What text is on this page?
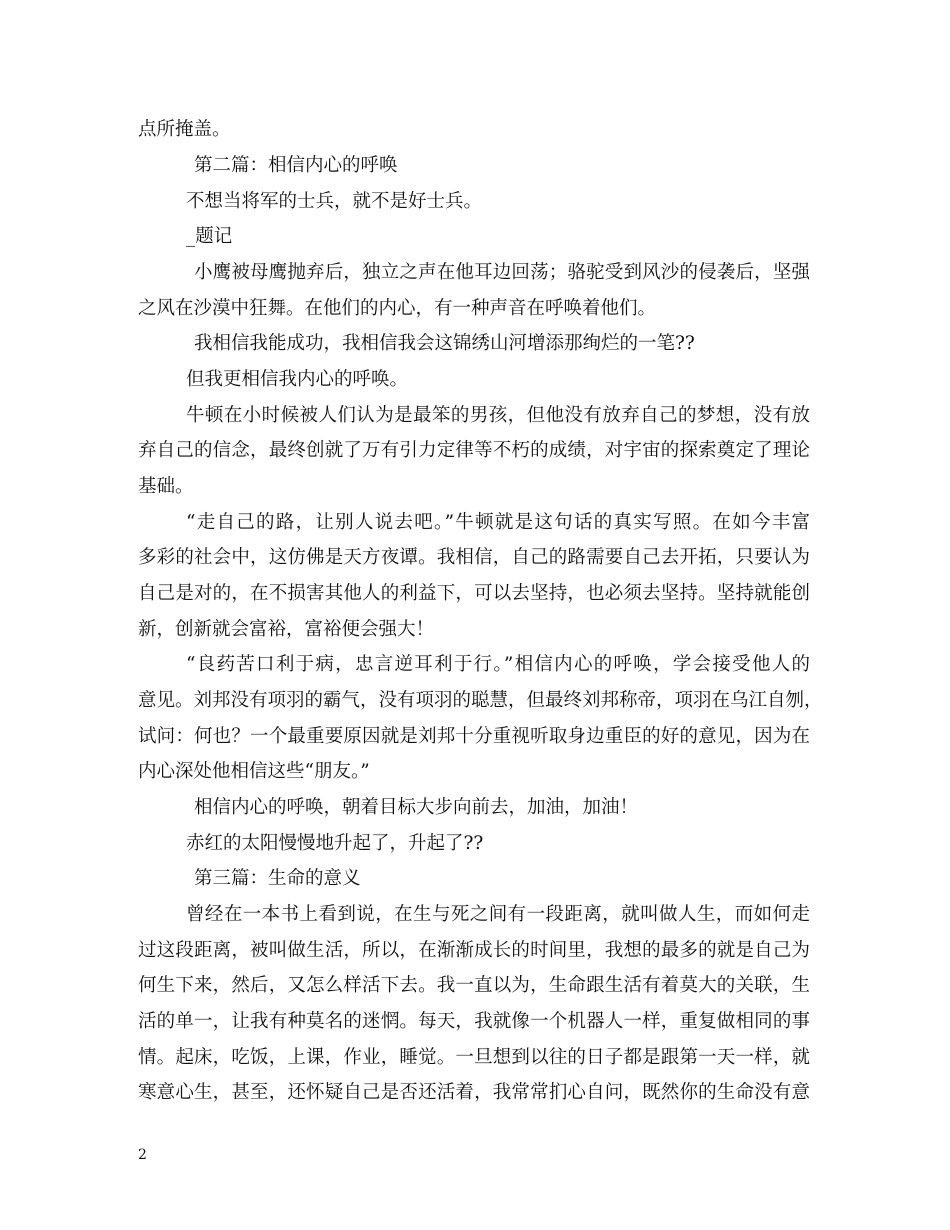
点所掩盖。
第二篇：相信内心的呼唤
不想当将军的士兵，就不是好士兵。
_题记
小鹰被母鹰抛弃后，独立之声在他耳边回荡；骆驼受到风沙的侵袭后，坚强
之风在沙漠中狂舞。在他们的内心，有一种声音在呼唤着他们。
我相信我能成功，我相信我会这锦绣山河增添那绚烂的一笔??
但我更相信我内心的呼唤。
牛顿在小时候被人们认为是最笨的男孩，但他没有放弃自己的梦想，没有放
弃自己的信念，最终创就了万有引力定律等不朽的成绩，对宇宙的探索奠定了理论
基础。
“走自己的路，让别人说去吧。”牛顿就是这句话的真实写照。在如今丰富
多彩的社会中，这仿佛是天方夜谭。我相信，自己的路需要自己去开拓，只要认为
自己是对的，在不损害其他人的利益下，可以去坚持，也必须去坚持。坚持就能创
新，创新就会富裕，富裕便会强大！
“良药苦口利于病，忠言逆耳利于行。”相信内心的呼唤，学会接受他人的
意见。刘邦没有项羽的霸气，没有项羽的聪慧，但最终刘邦称帝，项羽在乌江自刎，
试问：何也？一个最重要原因就是刘邦十分重视听取身边重臣的好的意见，因为在
内心深处他相信这些“朋友。”
相信内心的呼唤，朝着目标大步向前去，加油，加油！
赤红的太阳慢慢地升起了，升起了??
第三篇：生命的意义
曾经在一本书上看到说，在生与死之间有一段距离，就叫做人生，而如何走
过这段距离，被叫做生活，所以，在渐渐成长的时间里，我想的最多的就是自己为
何生下来，然后，又怎么样活下去。我一直以为，生命跟生活有着莫大的关联，生
活的单一，让我有种莫名的迷惘。每天，我就像一个机器人一样，重复做相同的事
情。起床，吃饭，上课，作业，睡觉。一旦想到以往的日子都是跟第一天一样，就
寒意心生，甚至，还怀疑自己是否还活着，我常常扪心自问，既然你的生命没有意
2
